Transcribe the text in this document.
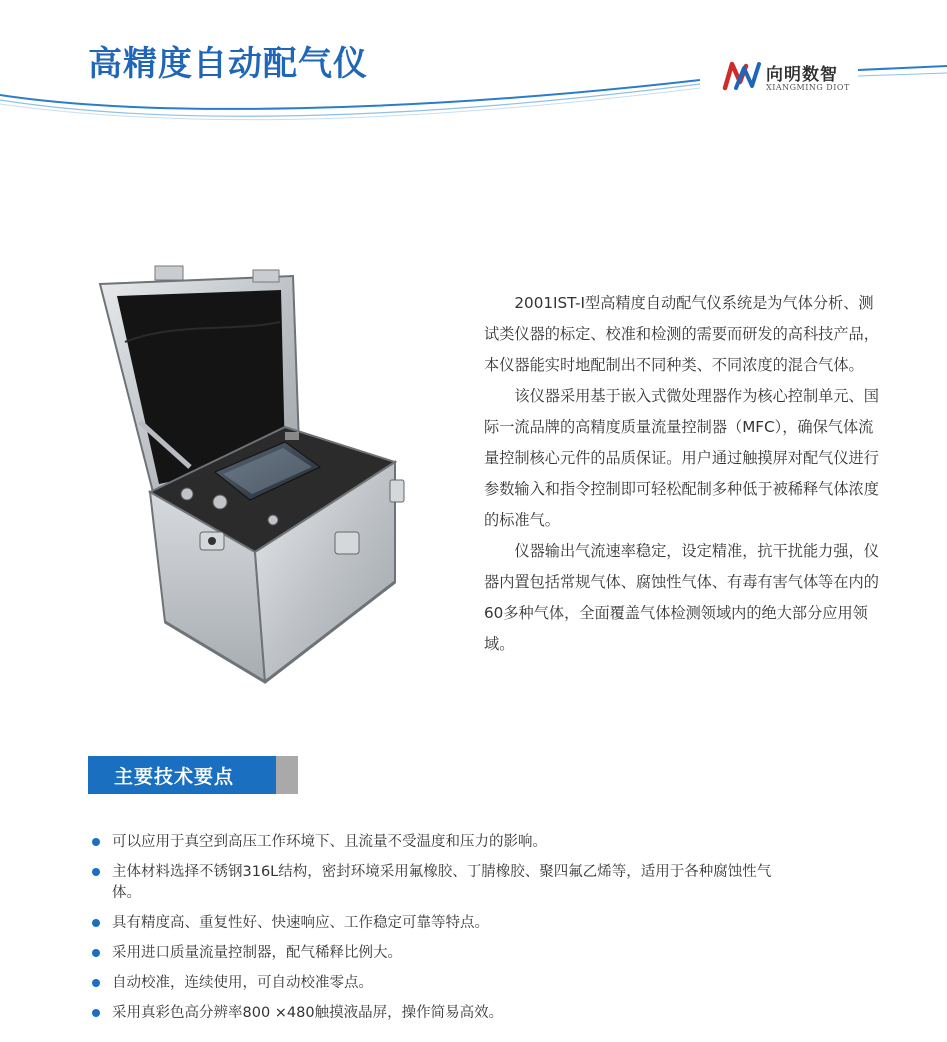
高精度自动配气仪	向明数智
XIANGMING DIOT

2001IST-Ⅰ型高精度自动配气仪系统是为气体分析、测试类仪器的标定、校准和检测的需要而研发的高科技产品，本仪器能实时地配制出不同种类、不同浓度的混合气体。

该仪器采用基于嵌入式微处理器作为核心控制单元、国际一流品牌的高精度质量流量控制器（MFC），确保气体流量控制核心元件的品质保证。用户通过触摸屏对配气仪进行参数输入和指令控制即可轻松配制多种低于被稀释气体浓度的标准气。

仪器输出气流速率稳定，设定精准，抗干扰能力强，仪器内置包括常规气体、腐蚀性气体、有毒有害气体等在内的60多种气体，全面覆盖气体检测领域内的绝大部分应用领域。

主要技术要点
可以应用于真空到高压工作环境下、且流量不受温度和压力的影响。
主体材料选择不锈钢316L结构，密封环境采用氟橡胶、丁腈橡胶、聚四氟乙烯等，适用于各种腐蚀性气体。
具有精度高、重复性好、快速响应、工作稳定可靠等特点。
采用进口质量流量控制器，配气稀释比例大。
自动校准，连续使用，可自动校准零点。
采用真彩色高分辨率800 ×480触摸液晶屏，操作简易高效。
